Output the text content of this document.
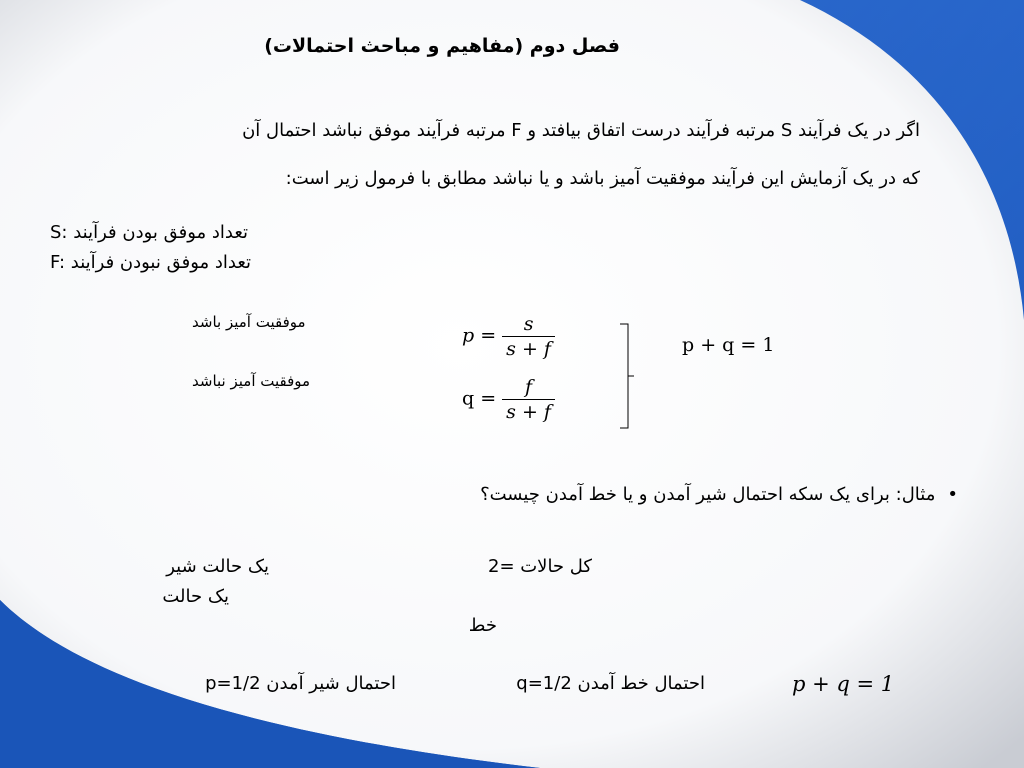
فصل دوم (مفاهیم و مباحث احتمالات)
اگر در یک فرآیند S مرتبه فرآیند درست اتفاق بیافتد و F مرتبه فرآیند موفق نباشد احتمال آن
که در یک آزمایش این فرآیند موفقیت آمیز باشد و یا نباشد مطابق با فرمول زیر است:
S: تعداد موفق بودن فرآیند
F: تعداد موفق نبودن فرآیند
موفقیت آمیز باشد
موفقیت آمیز نباشد
$p = \frac{s}{s + f}$
$q = \frac{f}{s + f}$
p + q = 1
•مثال: برای یک سکه احتمال شیر آمدن و یا خط آمدن چیست؟
یک حالت شیر
یک حالت
کل حالات =2
خط
p=1/2 احتمال شیر آمدن	q=1/2 احتمال خط آمدن	p + q = 1
